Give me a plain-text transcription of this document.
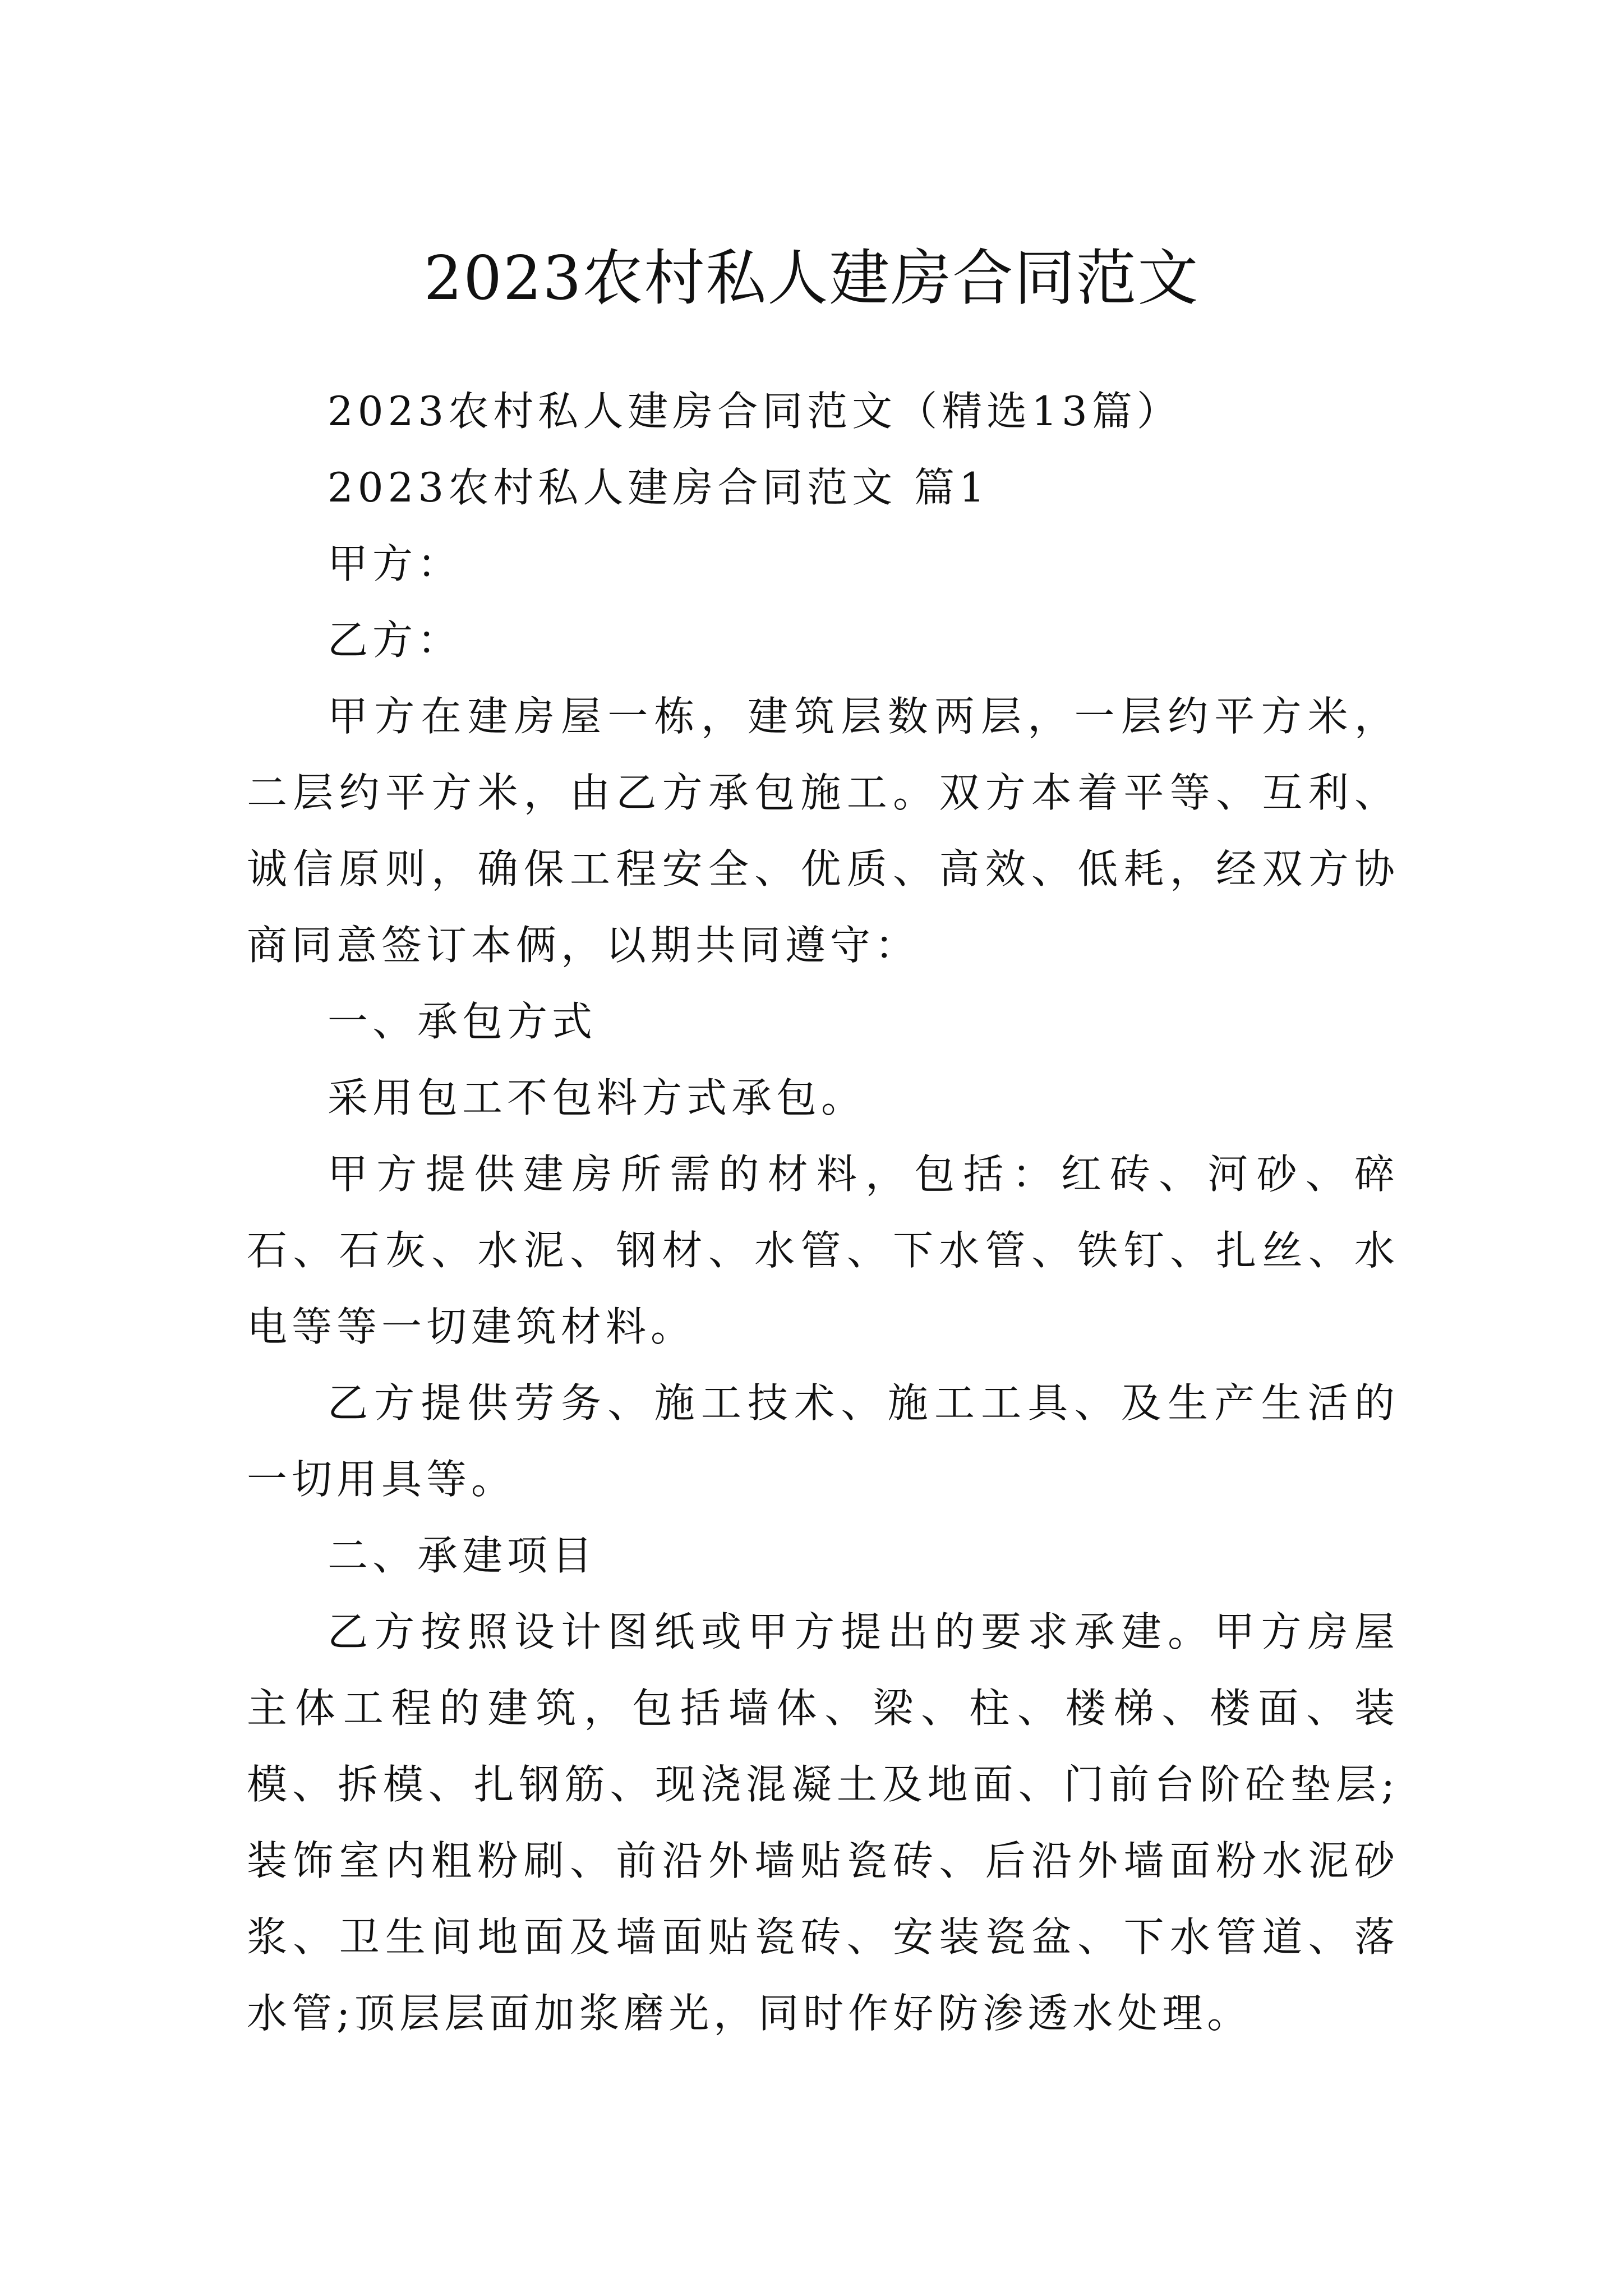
2023农村私人建房合同范文

2023农村私人建房合同范文（精选13篇）

2023农村私人建房合同范文 篇1

甲方：

乙方：

甲方在建房屋一栋，建筑层数两层，一层约平方米，二层约平方米，由乙方承包施工。双方本着平等、互利、诚信原则，确保工程安全、优质、高效、低耗，经双方协商同意签订本俩，以期共同遵守：

一、承包方式

采用包工不包料方式承包。

甲方提供建房所需的材料，包括：红砖、河砂、碎石、石灰、水泥、钢材、水管、下水管、铁钉、扎丝、水电等等一切建筑材料。

乙方提供劳务、施工技术、施工工具、及生产生活的一切用具等。

二、承建项目

乙方按照设计图纸或甲方提出的要求承建。甲方房屋主体工程的建筑，包括墙体、梁、柱、楼梯、楼面、装模、拆模、扎钢筋、现浇混凝土及地面、门前台阶砼垫层;装饰室内粗粉刷、前沿外墙贴瓷砖、后沿外墙面粉水泥砂浆、卫生间地面及墙面贴瓷砖、安装瓷盆、下水管道、落水管;顶层层面加浆磨光，同时作好防渗透水处理。
